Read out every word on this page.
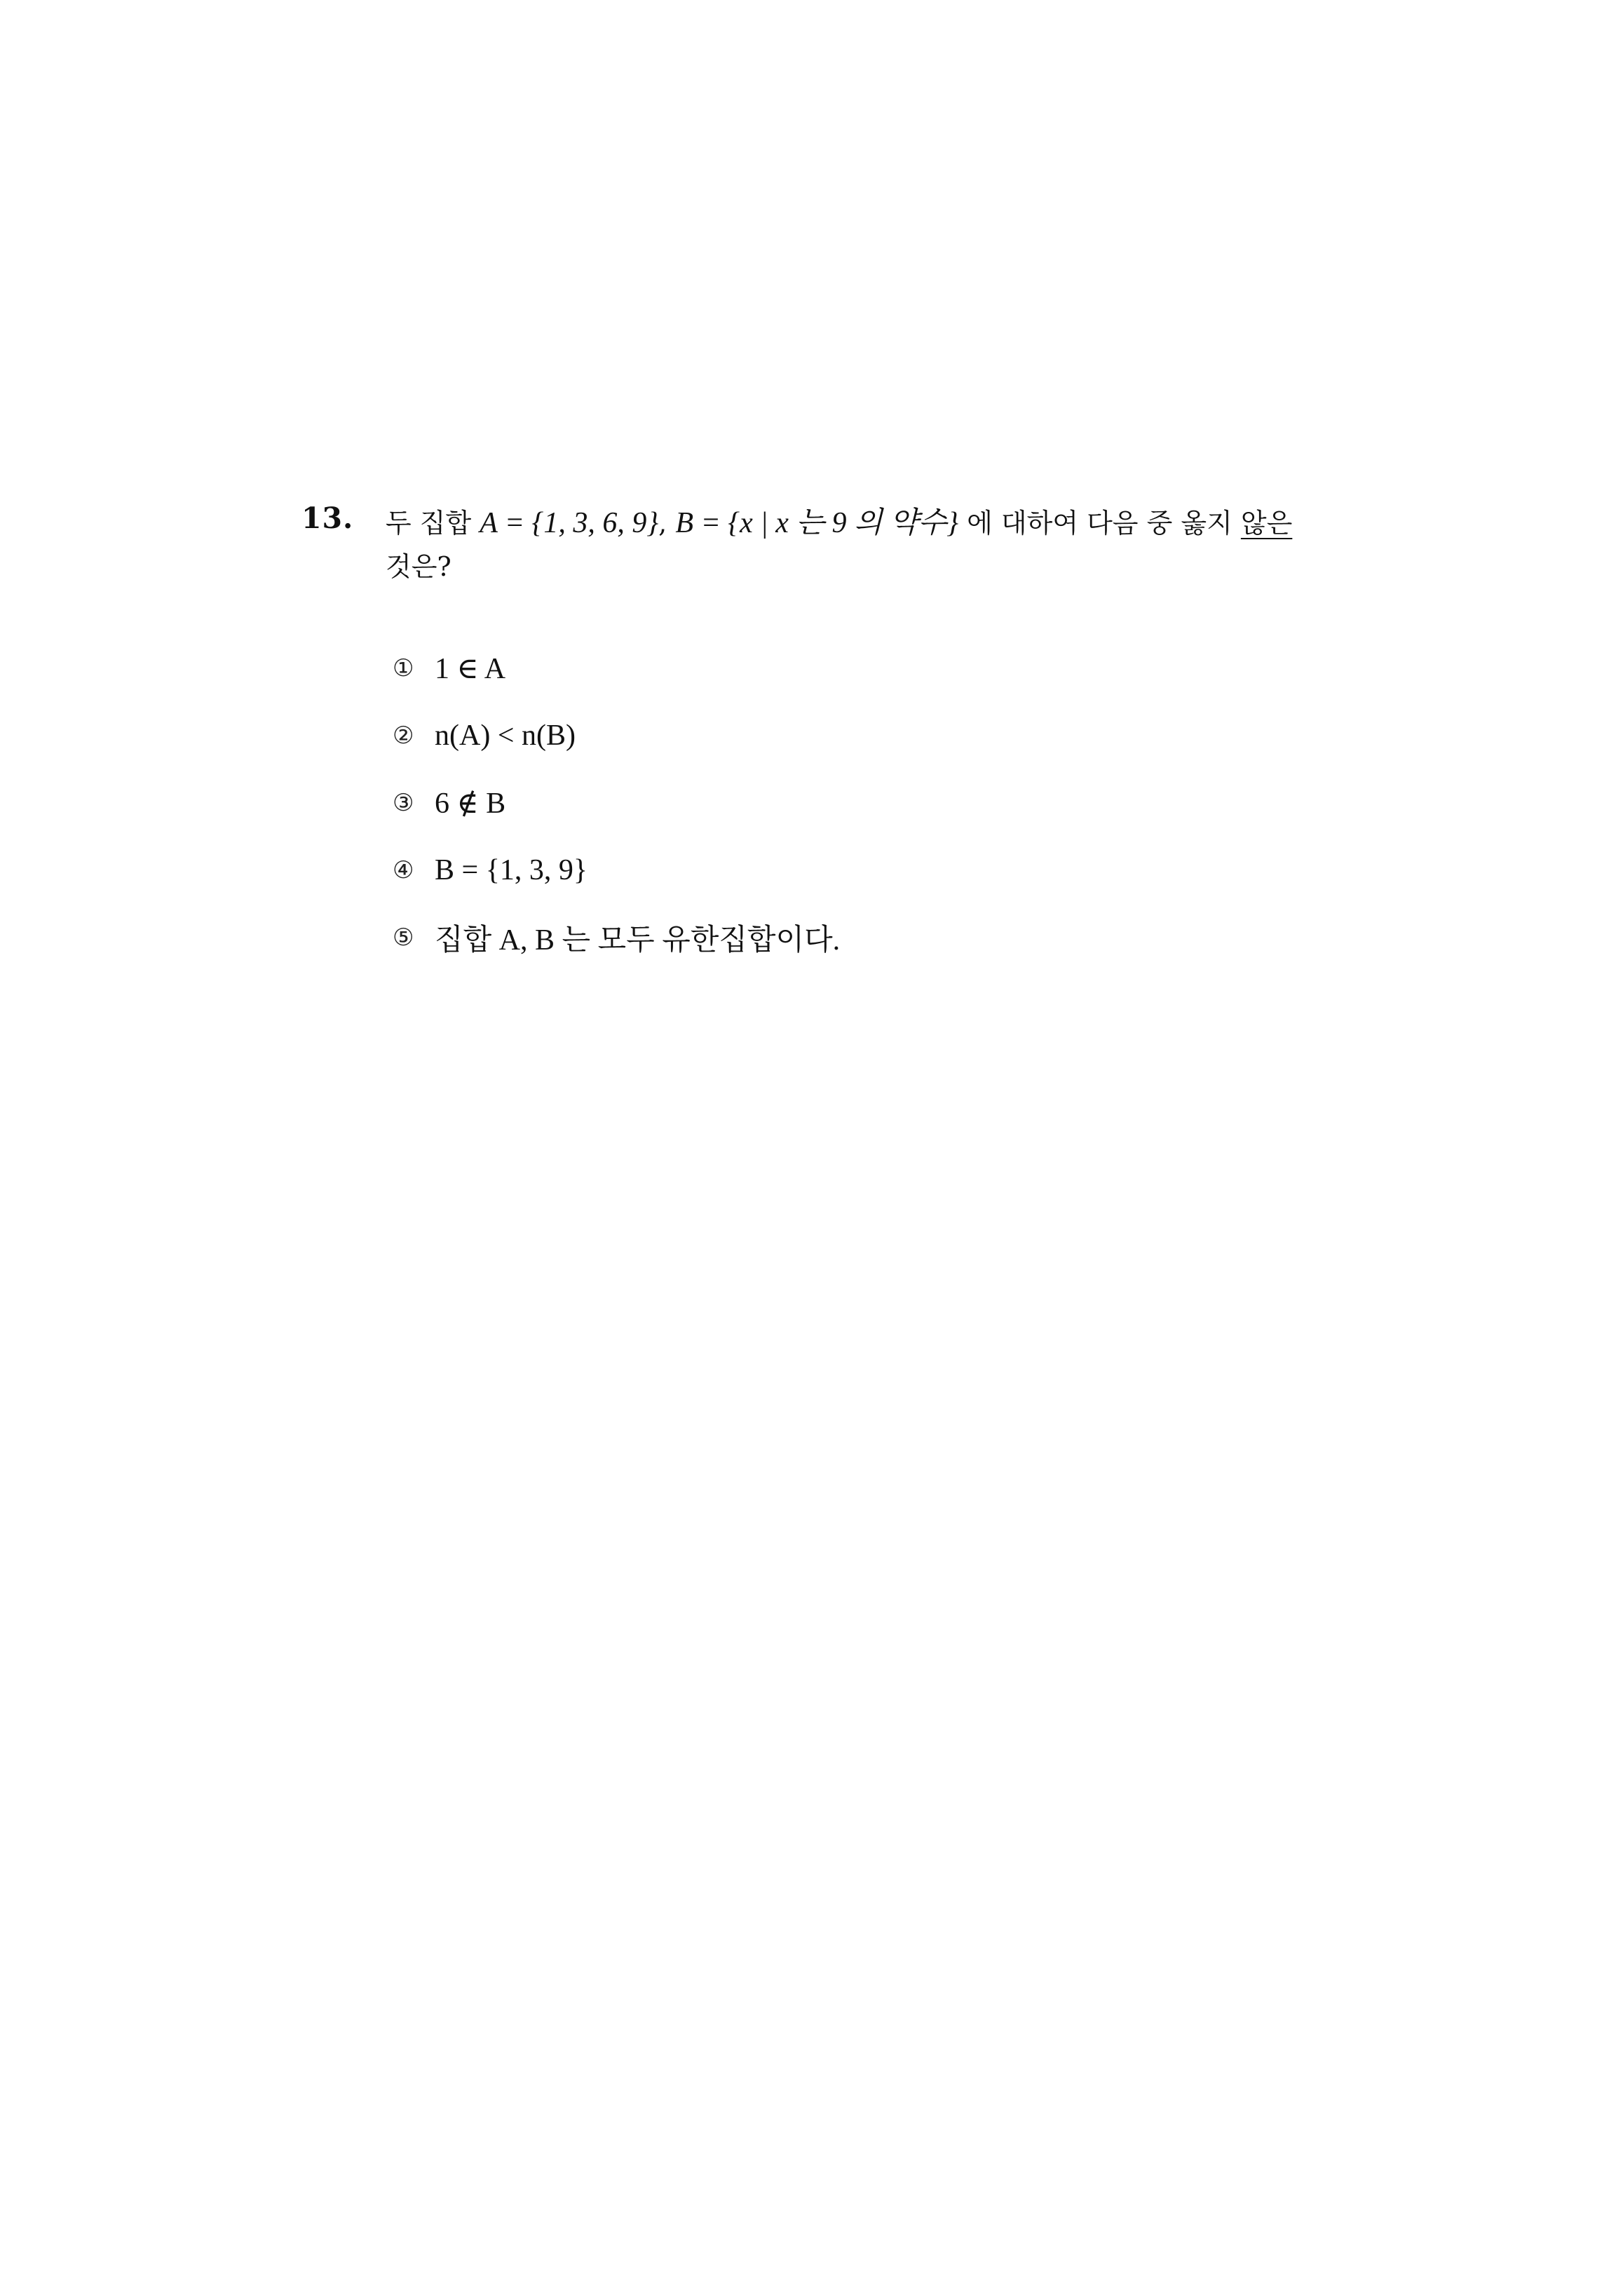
13. 두 집합 A = {1, 3, 6, 9}, B = {x | x 는 9 의 약수} 에 대하여 다음 중 옳지 않은
것은?
① 1 ∈ A
② n(A) < n(B)
③ 6 ∉ B
④ B = {1, 3, 9}
⑤ 집합 A, B 는 모두 유한집합이다.
